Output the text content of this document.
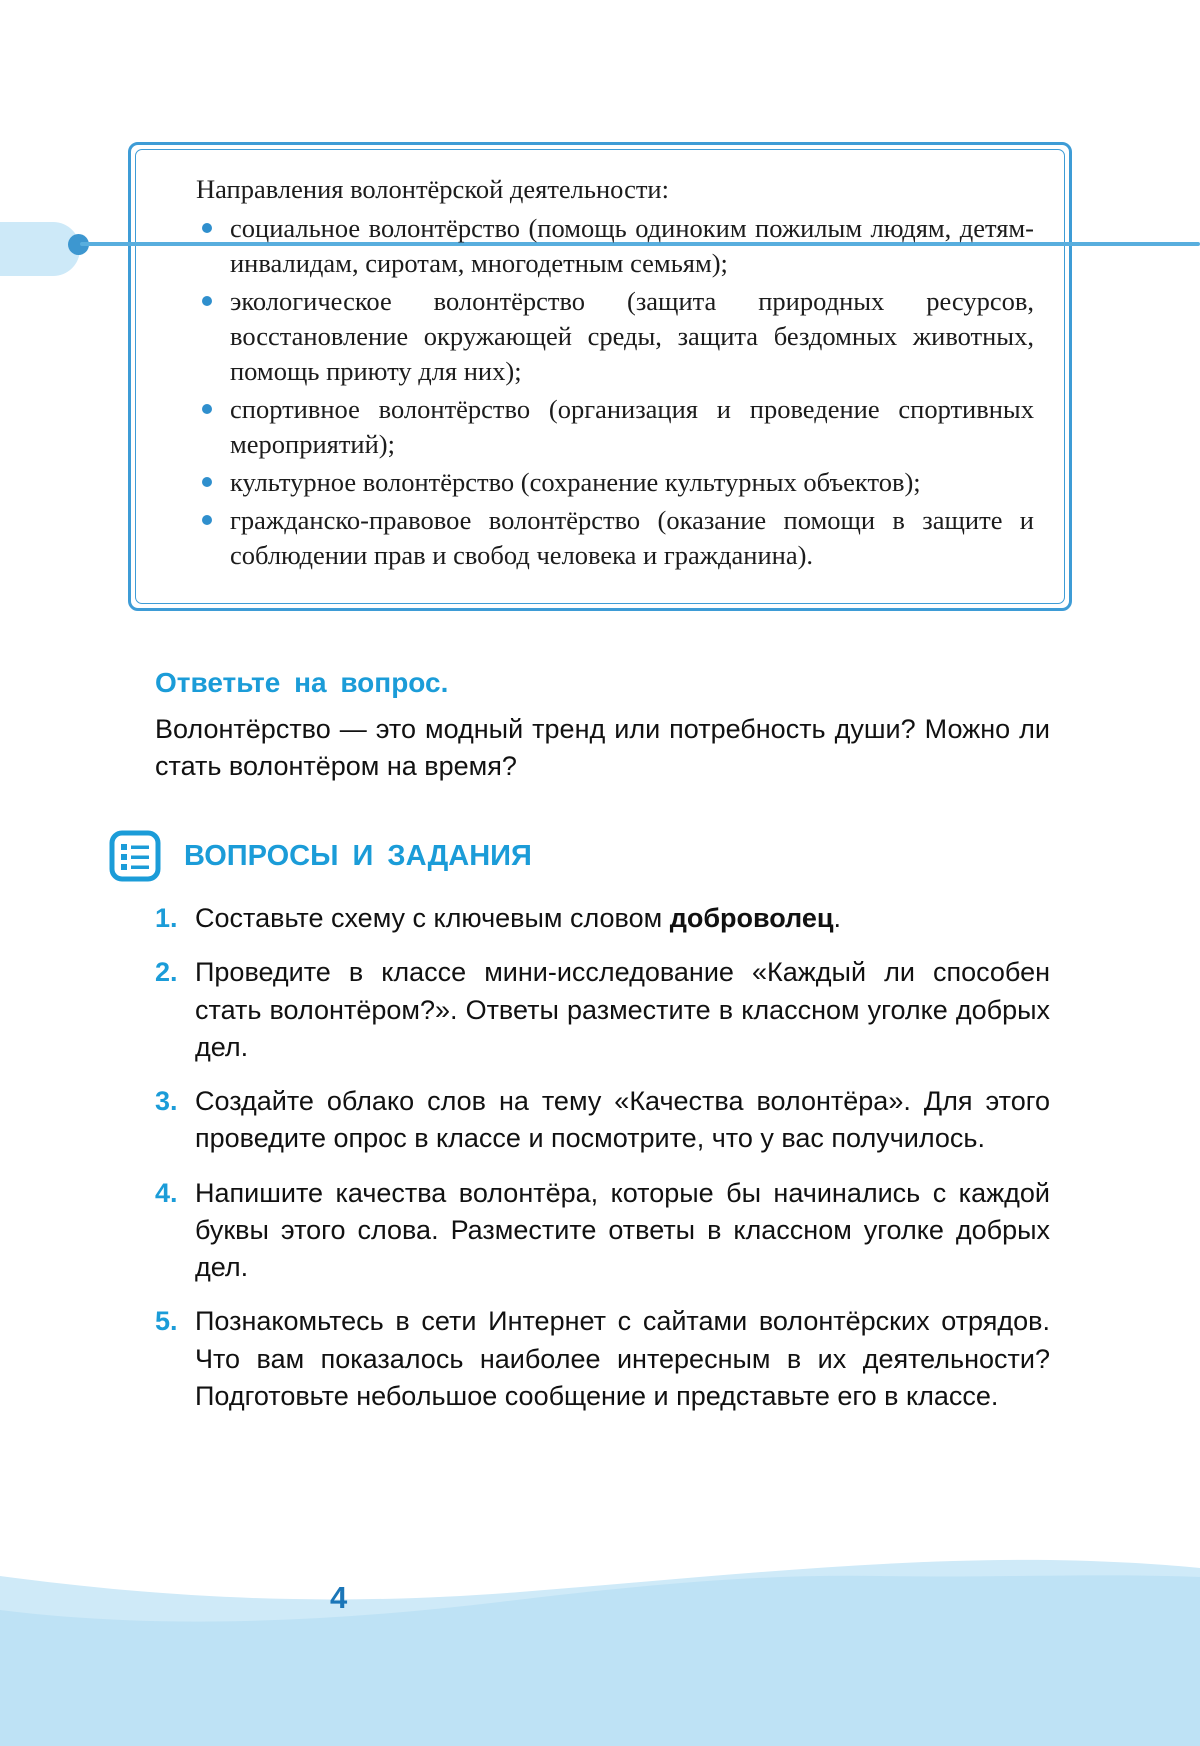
Направления волонтёрской деятельности:

социальное волонтёрство (помощь одиноким пожилым людям, детям-инвалидам, сиротам, многодетным семьям);
экологическое волонтёрство (защита природных ресурсов, восстановление окружающей среды, защита бездомных животных, помощь приюту для них);
спортивное волонтёрство (организация и проведение спортивных мероприятий);
культурное волонтёрство (сохранение культурных объектов);
гражданско-правовое волонтёрство (оказание помощи в защите и соблюдении прав и свобод человека и гражданина).

Ответьте на вопрос.

Волонтёрство — это модный тренд или потребность души? Можно ли стать волонтёром на время?

ВОПРОСЫ И ЗАДАНИЯ

1. Составьте схему с ключевым словом доброволец.
2. Проведите в классе мини-исследование «Каждый ли способен стать волонтёром?». Ответы разместите в классном уголке добрых дел.
3. Создайте облако слов на тему «Качества волонтёра». Для этого проведите опрос в классе и посмотрите, что у вас получилось.
4. Напишите качества волонтёра, которые бы начинались с каждой буквы этого слова. Разместите ответы в классном уголке добрых дел.
5. Познакомьтесь в сети Интернет с сайтами волонтёрских отрядов. Что вам показалось наиболее интересным в их деятельности? Подготовьте небольшое сообщение и представьте его в классе.
4
